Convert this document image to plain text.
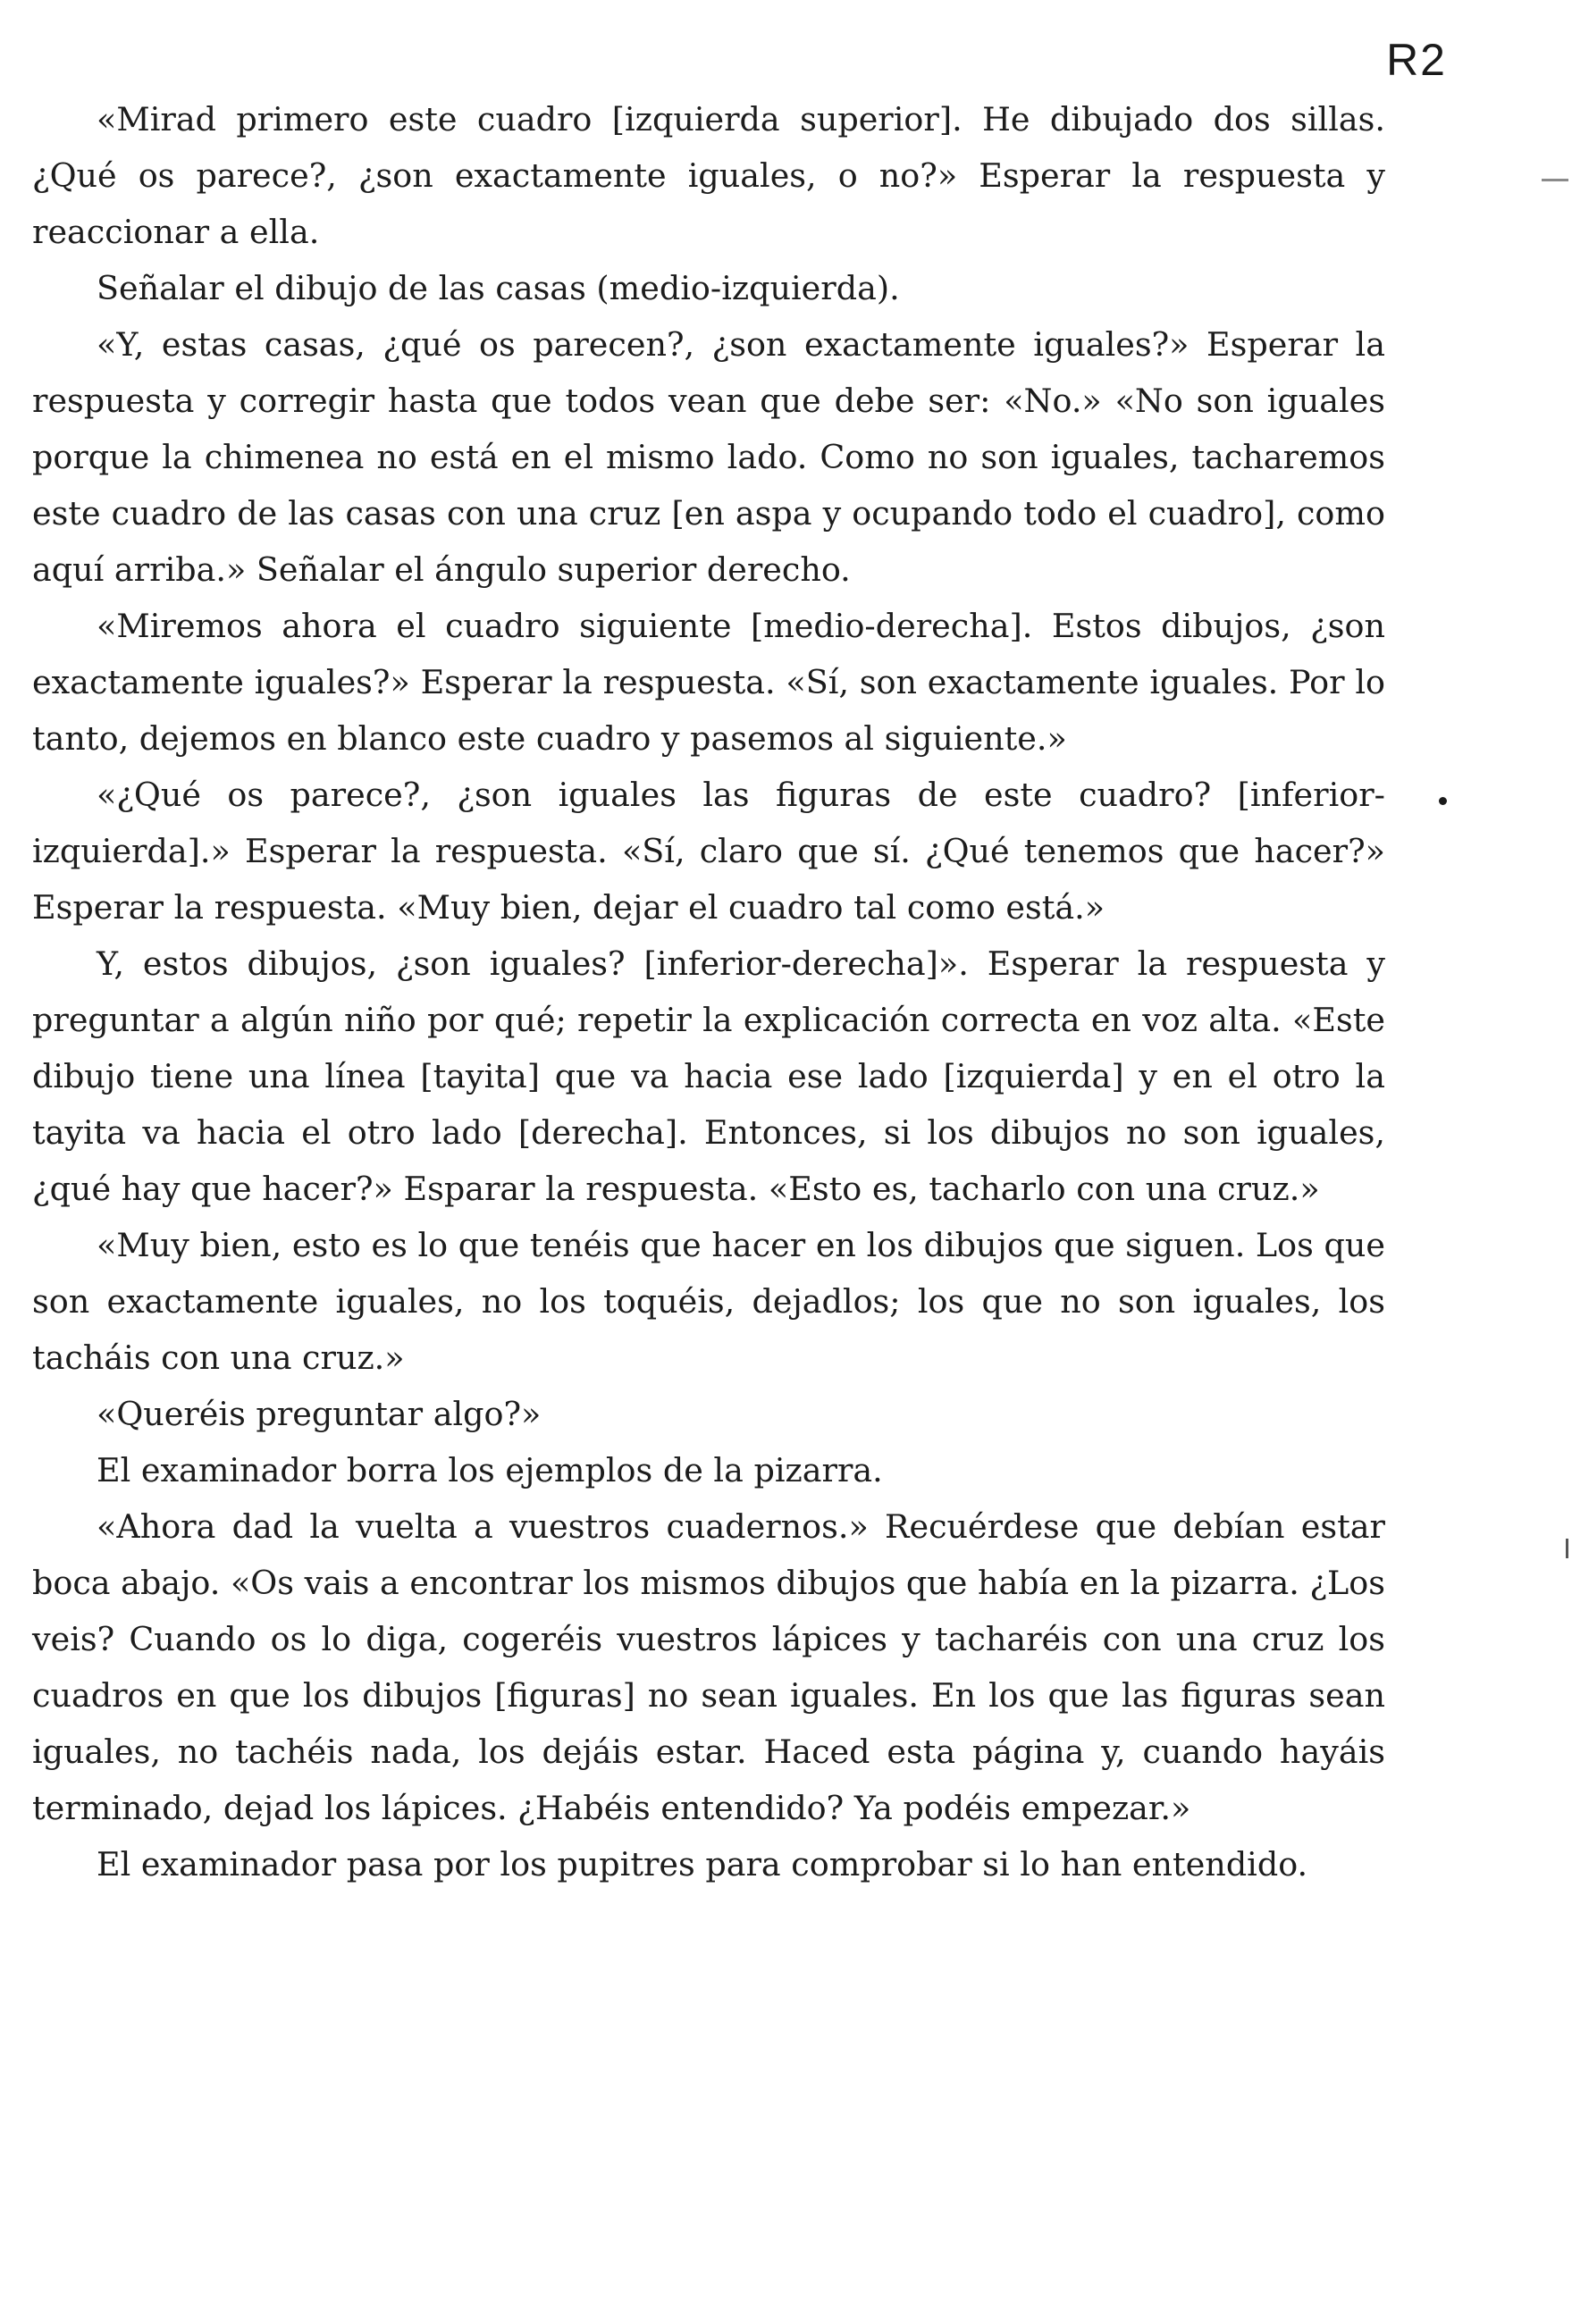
R2

«Mirad primero este cuadro [izquierda superior]. He dibujado dos sillas. ¿Qué os parece?, ¿son exactamente iguales, o no?» Esperar la respuesta y reaccionar a ella.

Señalar el dibujo de las casas (medio-izquierda).

«Y, estas casas, ¿qué os parecen?, ¿son exactamente iguales?» Esperar la respuesta y corregir hasta que todos vean que debe ser: «No.» «No son iguales porque la chimenea no está en el mismo lado. Como no son iguales, tacharemos este cuadro de las casas con una cruz [en aspa y ocupando todo el cuadro], como aquí arriba.» Señalar el ángulo superior derecho.

«Miremos ahora el cuadro siguiente [medio-derecha]. Estos dibujos, ¿son exactamente iguales?» Esperar la respuesta. «Sí, son exactamente iguales. Por lo tanto, dejemos en blanco este cuadro y pasemos al siguiente.»

«¿Qué os parece?, ¿son iguales las figuras de este cuadro? [inferior-izquierda].» Esperar la respuesta. «Sí, claro que sí. ¿Qué tenemos que hacer?» Esperar la respuesta. «Muy bien, dejar el cuadro tal como está.»

Y, estos dibujos, ¿son iguales? [inferior-derecha]». Esperar la respuesta y preguntar a algún niño por qué; repetir la explicación correcta en voz alta. «Este dibujo tiene una línea [tayita] que va hacia ese lado [izquierda] y en el otro la tayita va hacia el otro lado [derecha]. Entonces, si los dibujos no son iguales, ¿qué hay que hacer?» Esparar la respuesta. «Esto es, tacharlo con una cruz.»

«Muy bien, esto es lo que tenéis que hacer en los dibujos que siguen. Los que son exactamente iguales, no los toquéis, dejadlos; los que no son iguales, los tacháis con una cruz.»

«Queréis preguntar algo?»

El examinador borra los ejemplos de la pizarra.

«Ahora dad la vuelta a vuestros cuadernos.» Recuérdese que debían estar boca abajo. «Os vais a encontrar los mismos dibujos que había en la pizarra. ¿Los veis? Cuando os lo diga, cogeréis vuestros lápices y tacharéis con una cruz los cuadros en que los dibujos [figuras] no sean iguales. En los que las figuras sean iguales, no tachéis nada, los dejáis estar. Haced esta página y, cuando hayáis terminado, dejad los lápices. ¿Habéis entendido? Ya podéis empezar.»

El examinador pasa por los pupitres para comprobar si lo han entendido.
